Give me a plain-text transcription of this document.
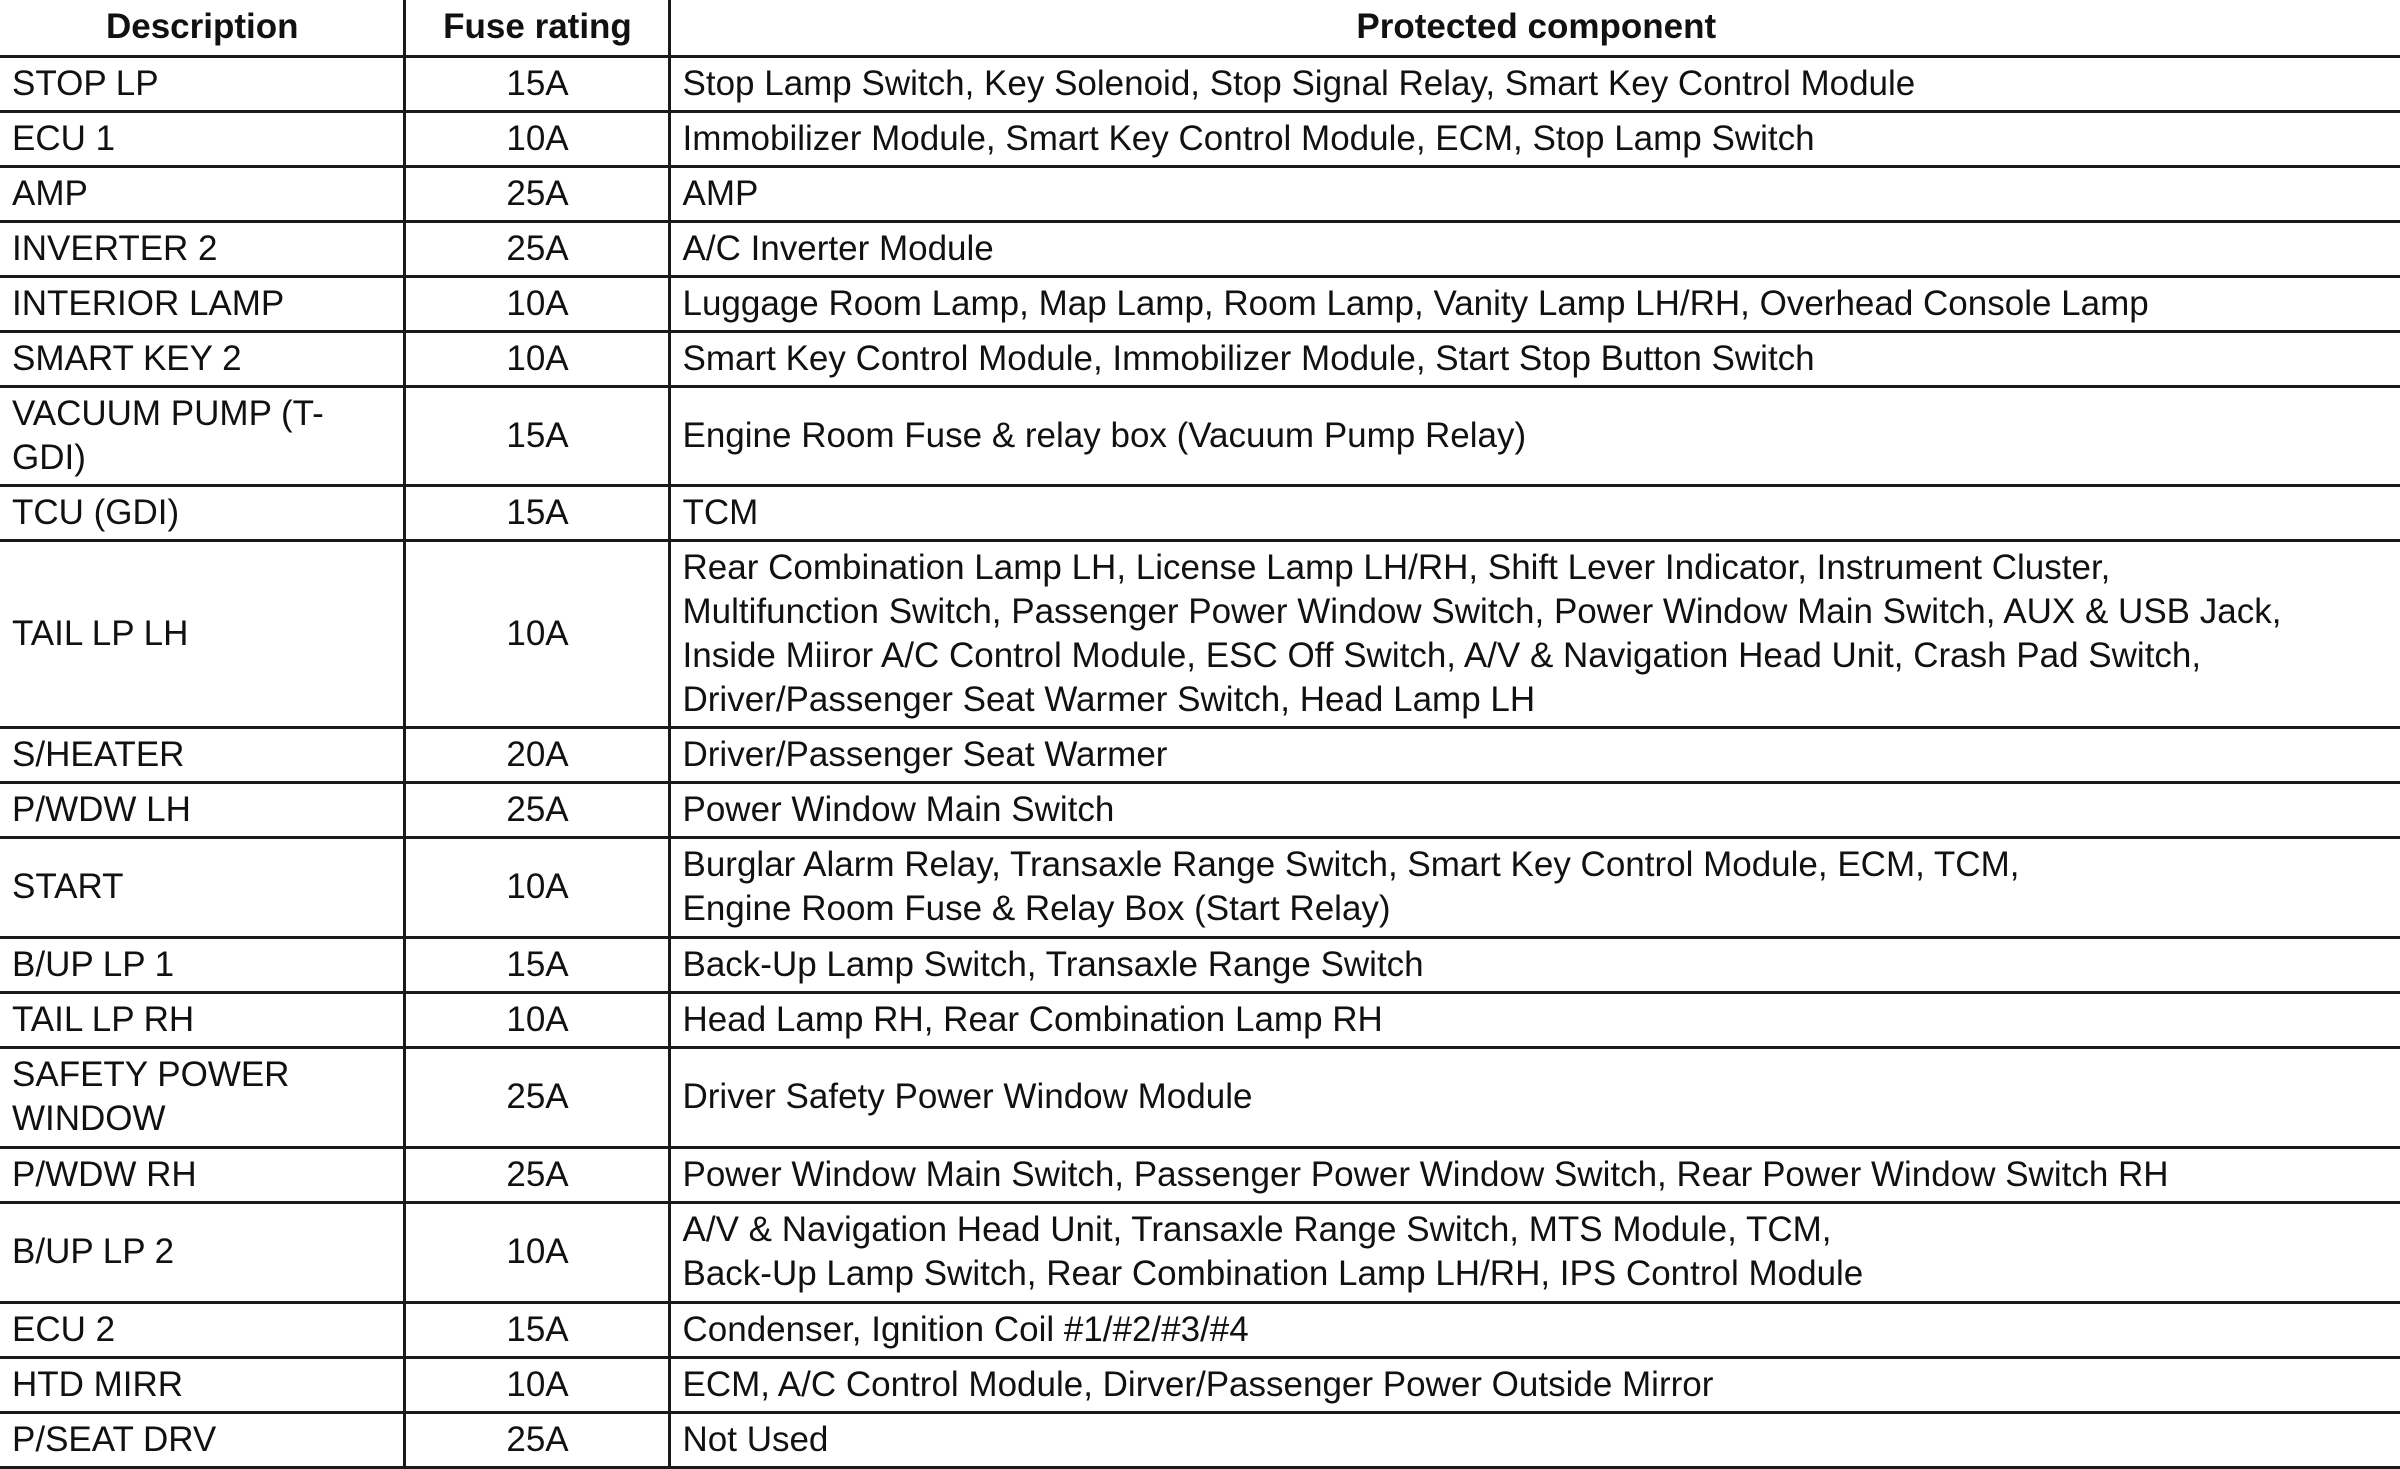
Description	Fuse rating	Protected component
STOP LP	15A	Stop Lamp Switch, Key Solenoid, Stop Signal Relay, Smart Key Control Module
ECU 1	10A	Immobilizer Module, Smart Key Control Module, ECM, Stop Lamp Switch
AMP	25A	AMP
INVERTER 2	25A	A/C Inverter Module
INTERIOR LAMP	10A	Luggage Room Lamp, Map Lamp, Room Lamp, Vanity Lamp LH/RH, Overhead Console Lamp
SMART KEY 2	10A	Smart Key Control Module, Immobilizer Module, Start Stop Button Switch
VACUUM PUMP (T-GDI)	15A	Engine Room Fuse & relay box (Vacuum Pump Relay)
TCU (GDI)	15A	TCM
TAIL LP LH	10A	Rear Combination Lamp LH, License Lamp LH/RH, Shift Lever Indicator, Instrument Cluster,
Multifunction Switch, Passenger Power Window Switch, Power Window Main Switch, AUX & USB Jack,
Inside Miiror A/C Control Module, ESC Off Switch, A/V & Navigation Head Unit, Crash Pad Switch,
Driver/Passenger Seat Warmer Switch, Head Lamp LH
S/HEATER	20A	Driver/Passenger Seat Warmer
P/WDW LH	25A	Power Window Main Switch
START	10A	Burglar Alarm Relay, Transaxle Range Switch, Smart Key Control Module, ECM, TCM,
Engine Room Fuse & Relay Box (Start Relay)
B/UP LP 1	15A	Back-Up Lamp Switch, Transaxle Range Switch
TAIL LP RH	10A	Head Lamp RH, Rear Combination Lamp RH
SAFETY POWER
WINDOW	25A	Driver Safety Power Window Module
P/WDW RH	25A	Power Window Main Switch, Passenger Power Window Switch, Rear Power Window Switch RH
B/UP LP 2	10A	A/V & Navigation Head Unit, Transaxle Range Switch, MTS Module, TCM,
Back-Up Lamp Switch, Rear Combination Lamp LH/RH, IPS Control Module
ECU 2	15A	Condenser, Ignition Coil #1/#2/#3/#4
HTD MIRR	10A	ECM, A/C Control Module, Dirver/Passenger Power Outside Mirror
P/SEAT DRV	25A	Not Used
